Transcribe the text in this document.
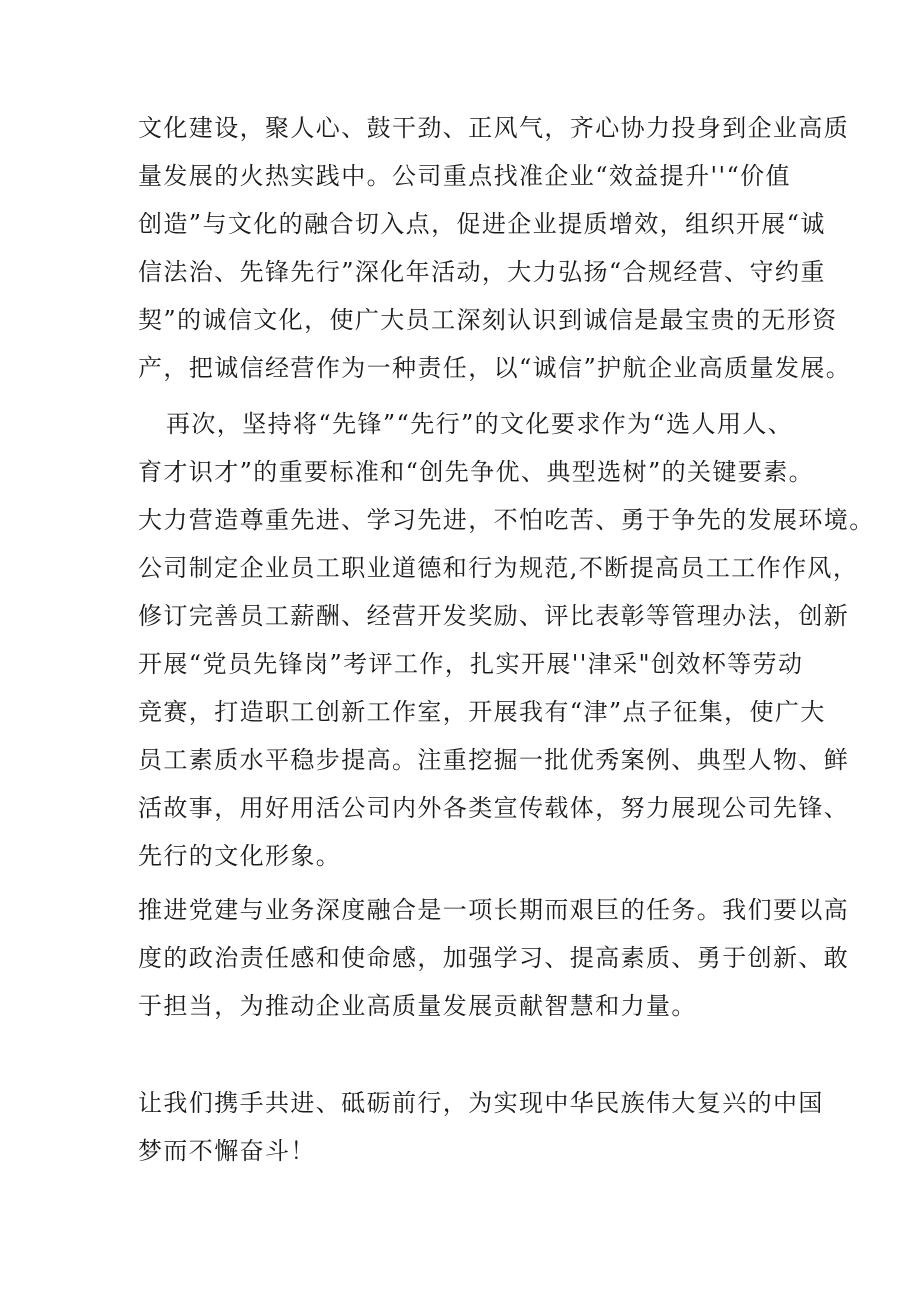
文化建设，聚人心、鼓干劲、正风气，齐心协力投身到企业高质
量发展的火热实践中。公司重点找准企业“效益提升''“价值
创造”与文化的融合切入点，促进企业提质增效，组织开展“诚
信法治、先锋先行”深化年活动，大力弘扬“合规经营、守约重
契”的诚信文化，使广大员工深刻认识到诚信是最宝贵的无形资
产，把诚信经营作为一种责任，以“诚信”护航企业高质量发展。
再次，坚持将“先锋”“先行”的文化要求作为“选人用人、
育才识才”的重要标准和“创先争优、典型选树”的关键要素。
大力营造尊重先进、学习先进，不怕吃苦、勇于争先的发展环境。
公司制定企业员工职业道德和行为规范,不断提高员工工作作风，
修订完善员工薪酬、经营开发奖励、评比表彰等管理办法，创新
开展“党员先锋岗”考评工作，扎实开展''津采"创效杯等劳动
竞赛，打造职工创新工作室，开展我有“津”点子征集，使广大
员工素质水平稳步提高。注重挖掘一批优秀案例、典型人物、鲜
活故事，用好用活公司内外各类宣传载体，努力展现公司先锋、
先行的文化形象。
推进党建与业务深度融合是一项长期而艰巨的任务。我们要以高
度的政治责任感和使命感，加强学习、提高素质、勇于创新、敢
于担当，为推动企业高质量发展贡献智慧和力量。
让我们携手共进、砥砺前行，为实现中华民族伟大复兴的中国
梦而不懈奋斗！
